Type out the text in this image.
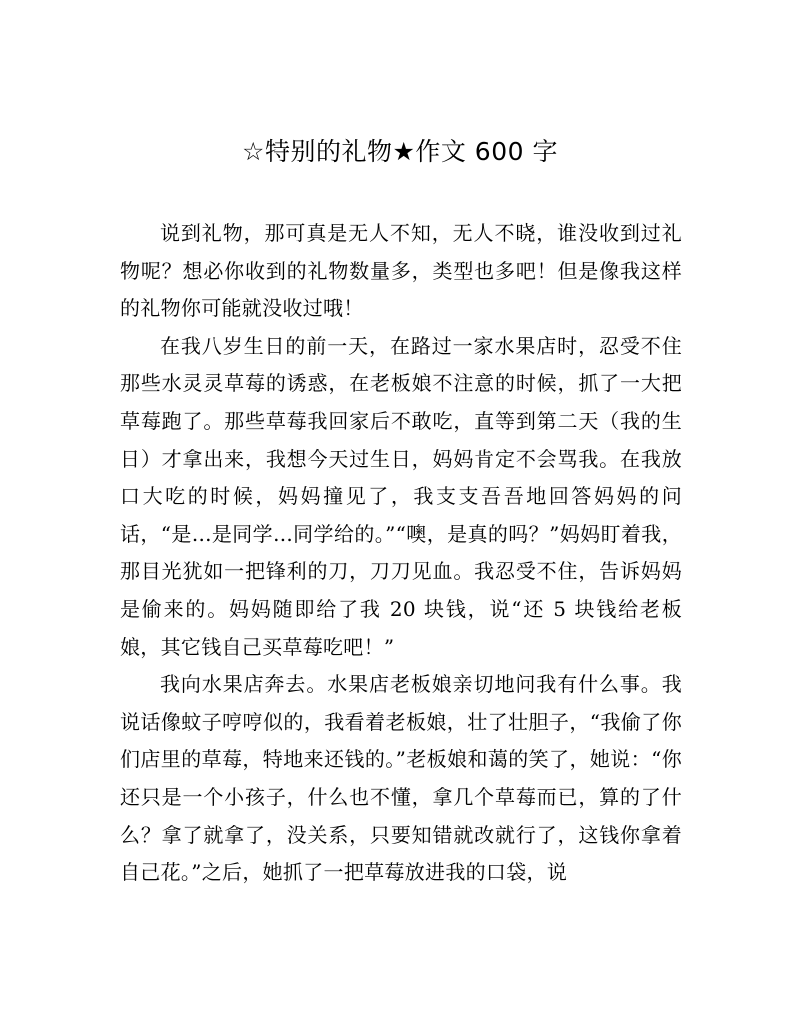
☆特别的礼物★作文 600 字

说到礼物，那可真是无人不知，无人不晓，谁没收到过礼物呢？想必你收到的礼物数量多，类型也多吧！但是像我这样的礼物你可能就没收过哦！

在我八岁生日的前一天，在路过一家水果店时，忍受不住那些水灵灵草莓的诱惑，在老板娘不注意的时候，抓了一大把草莓跑了。那些草莓我回家后不敢吃，直等到第二天（我的生日）才拿出来，我想今天过生日，妈妈肯定不会骂我。在我放口大吃的时候，妈妈撞见了，我支支吾吾地回答妈妈的问话，“是...是同学...同学给的。”“噢，是真的吗？”妈妈盯着我，那目光犹如一把锋利的刀，刀刀见血。我忍受不住，告诉妈妈是偷来的。妈妈随即给了我 20 块钱，说“还 5 块钱给老板娘，其它钱自己买草莓吃吧！”

我向水果店奔去。水果店老板娘亲切地问我有什么事。我说话像蚊子哼哼似的，我看着老板娘，壮了壮胆子，“我偷了你们店里的草莓，特地来还钱的。”老板娘和蔼的笑了，她说：“你还只是一个小孩子，什么也不懂，拿几个草莓而已，算的了什么？拿了就拿了，没关系，只要知错就改就行了，这钱你拿着自己花。”之后，她抓了一把草莓放进我的口袋，说
